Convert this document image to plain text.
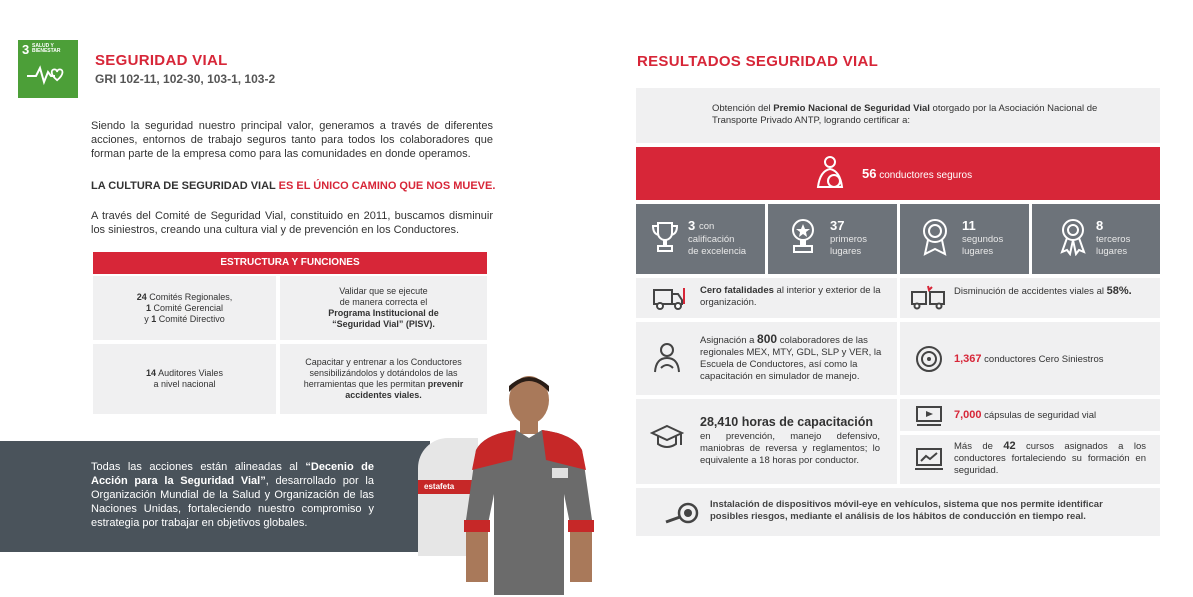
3 SALUD Y BIENESTAR
SEGURIDAD VIAL
GRI 102-11, 102-30, 103-1, 103-2

Siendo la seguridad nuestro principal valor, generamos a través de diferentes acciones, entornos de trabajo seguros tanto para todos los colaboradores que forman parte de la empresa como para las comunidades en donde operamos.

LA CULTURA DE SEGURIDAD VIAL ES EL ÚNICO CAMINO QUE NOS MUEVE.

A través del Comité de Seguridad Vial, constituido en 2011, buscamos disminuir los siniestros, creando una cultura vial y de prevención en los Conductores.

ESTRUCTURA Y FUNCIONES
24 Comités Regionales,
1 Comité Gerencial
y 1 Comité Directivo
Validar que se ejecute
de manera correcta el
Programa Institucional de
“Seguridad Vial” (PISV).
14 Auditores Viales
a nivel nacional
Capacitar y entrenar a los Conductores sensibilizándolos y dotándolos de las herramientas que les permitan prevenir accidentes viales.

Todas las acciones están alineadas al “Decenio de Acción para la Seguridad Vial”, desarrollado por la Organización Mundial de la Salud y Organización de las Naciones Unidas, fortaleciendo nuestro compromiso y estrategia por trabajar en objetivos globales.

estafeta
RESULTADOS SEGURIDAD VIAL

Obtención del Premio Nacional de Seguridad Vial otorgado por la Asociación Nacional de Transporte Privado ANTP, logrando certificar a:

56 conductores seguros
3 con
calificación
de excelencia
37
primeros
lugares
11
segundos
lugares
8
terceros
lugares

Cero fatalidades al interior y exterior de la organización.

Disminución de accidentes viales al 58%.

Asignación a 800 colaboradores de las regionales MEX, MTY, GDL, SLP y VER, la Escuela de Conductores, así como la capacitación en simulador de manejo.

1,367 conductores Cero Siniestros

28,410 horas de capacitación

en prevención, manejo defensivo, maniobras de reversa y reglamentos; lo equivalente a 18 horas por conductor.

7,000 cápsulas de seguridad vial

Más de 42 cursos asignados a los conductores fortaleciendo su formación en seguridad.

Instalación de dispositivos móvil-eye en vehículos, sistema que nos permite identificar posibles riesgos, mediante el análisis de los hábitos de conducción en tiempo real.
